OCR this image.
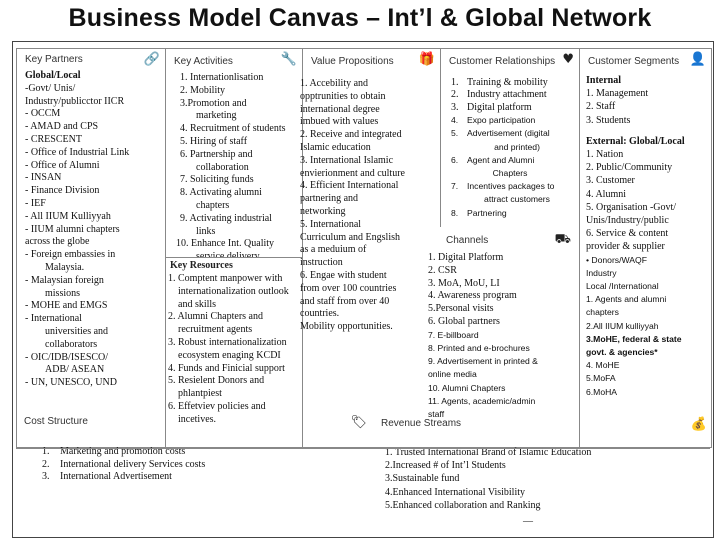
Business Model Canvas – Int’l & Global Network
Key Partners	🔗
Global/Local
-Govt/ Unis/
Industry/publicctor IICR
- OCCM
- AMAD and CPS
- CRESCENT
- Office of Industrial Link
- Office of Alumni
- INSAN
- Finance Division
- IEF
- All IIUM Kulliyyah
- IIUM alumni chapters
across the globe
- Foreign embassies in
Malaysia.
- Malaysian foreign
missions
- MOHE and EMGS
- International
universities and
collaborators
- OIC/IDB/ISESCO/
ADB/ ASEAN
- UN, UNESCO, UND
Key Activities	🔧
1. Internationlisation
2. Mobility
3.Promotion and
marketing
4. Recruitment of students
5. Hiring of staff
6. Partnership and
collaboration
7. Soliciting funds
8. Activating alumni
chapters
9. Activating industrial
links
10. Enhance Int. Quality
Key Resources
1. Comptent manpower with
internationalization outlook
and skills
2. Alumni Chapters and
recruitment agents
3. Robust internationalization
ecosystem enaging KCDI
4. Funds and Finicial support
5. Resielent Donors and
phlantpiest
6. Effetviev policies and
incetives.
Value Propositions	🎁
1. Accebility and
opptrunities to obtain
international degree
imbued with values
2. Receive and integrated
Islamic education
3. International Islamic
envierionment and culture
4. Efficient International
partnering and
networking
5. International
Curriculum and Engslish
as a meduium of
instruction
6. Engae with student
from over 100 countries
and staff from over 40
countries.
Mobility opportunities.
Customer Relationships ♥
1. Training & mobility
2. Industry attachment
3. Digital platform
4.	Expo participation
5.	Advertisement (digital
and printed)
6.	Agent and Alumni
Chapters
7.	Incentives packages to
attract customers
8.	Partnering
Channels	⛟
1. Digital Platform
2. CSR
3. MoA, MoU, LI
4. Awareness program
5.Personal visits
6. Global partners
7. E-billboard
8. Printed and e-brochures
9. Advertisement in printed &
online media
10. Alumni Chapters
11. Agents, academic/admin
staff
Customer Segments 👤
Internal
1. Management
2. Staff
3. Students
External: Global/Local
1. Nation
2. Public/Community
3. Customer
4. Alumni
5. Organisation -Govt/
Unis/Industry/public
6. Service & content
provider & supplier
• Donors/WAQF
Industry
Local /International
1. Agents and alumni
chapters
2.All IIUM kulliyyah
3.MoHE, federal & state
govt. & agencies*
4. MoHE
5.MoFA
6.MoHA
Cost Structure	🏷
1.	Marketing and promotion costs
2.	International delivery Services costs
3.	International Advertisement
Revenue Streams	💰
1. Trusted International Brand of Islamic Education
2.Increased # of Int’l Students
3.Sustainable fund
4.Enhanced International Visibility
5.Enhanced collaboration and Ranking
––
